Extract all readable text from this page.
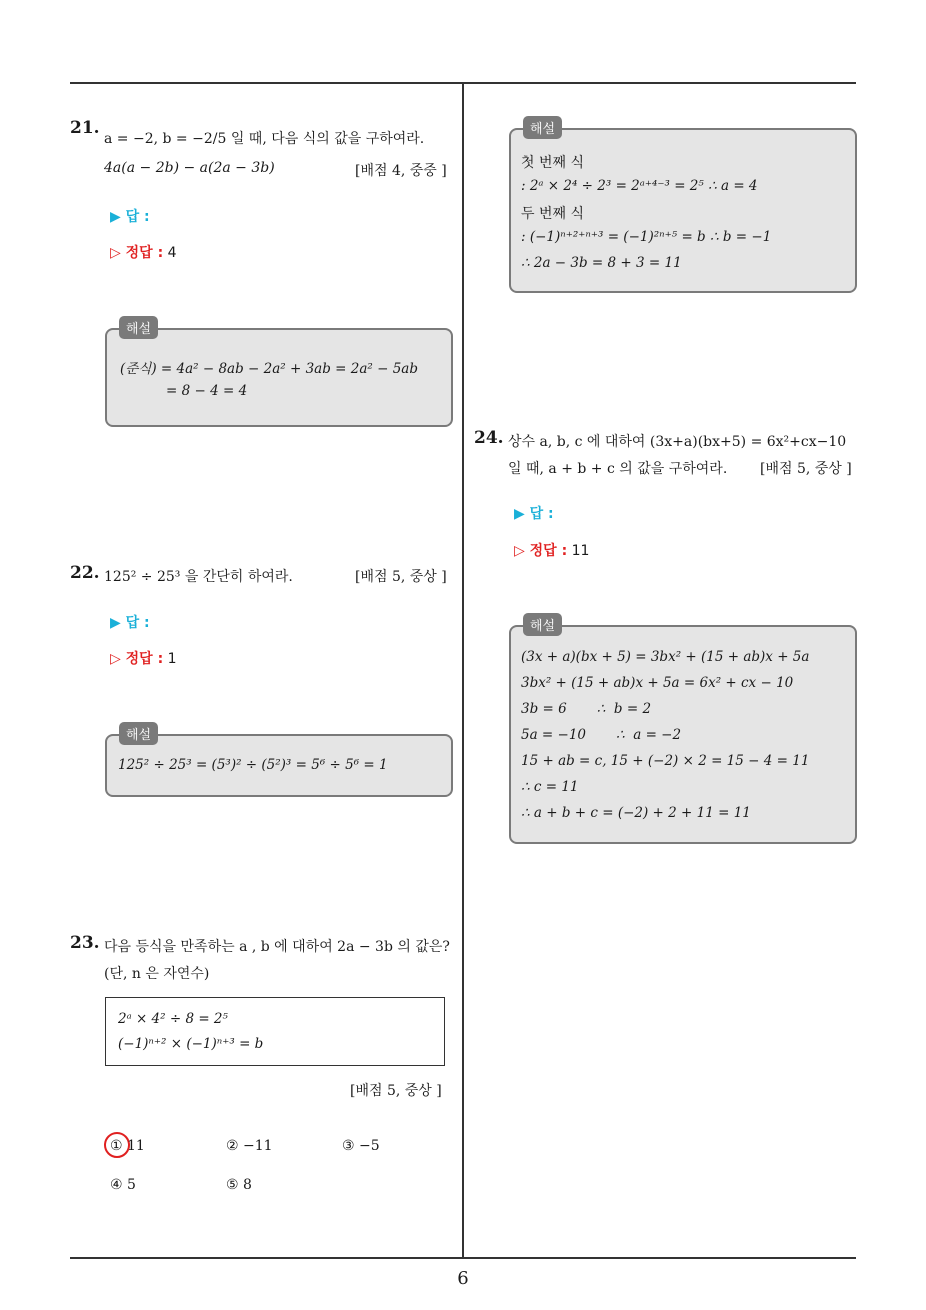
21.
a = −2, b = −2/5 일 때, 다음 식의 값을 구하여라.
4a(a − 2b) − a(2a − 3b)	[배점 4, 중중 ]
▶ 답 :
▷ 정답 : 4
해설
(준식) = 4a² − 8ab − 2a² + 3ab = 2a² − 5ab
= 8 − 4 = 4
22. 125² ÷ 25³ 을 간단히 하여라.	[배점 5, 중상 ]
▶ 답 :
▷ 정답 : 1
해설
125² ÷ 25³ = (5³)² ÷ (5²)³ = 5⁶ ÷ 5⁶ = 1
23. 다음 등식을 만족하는 a , b 에 대하여 2a − 3b 의 값은?
(단, n 은 자연수)
2ᵃ × 4² ÷ 8 = 2⁵
(−1)ⁿ⁺² × (−1)ⁿ⁺³ = b
[배점 5, 중상 ]
① 11	② −11	③ −5
④ 5	⑤ 8
해설
첫 번째 식
: 2ᵃ × 2⁴ ÷ 2³ = 2ᵃ⁺⁴⁻³ = 2⁵ ∴ a = 4
두 번째 식
: (−1)ⁿ⁺²⁺ⁿ⁺³ = (−1)²ⁿ⁺⁵ = b ∴ b = −1
∴ 2a − 3b = 8 + 3 = 11
24. 상수 a, b, c 에 대하여 (3x+a)(bx+5) = 6x²+cx−10
일 때, a + b + c 의 값을 구하여라. [배점 5, 중상 ]
▶ 답 :
▷ 정답 : 11
해설
(3x + a)(bx + 5) = 3bx² + (15 + ab)x + 5a
3bx² + (15 + ab)x + 5a = 6x² + cx − 10
3b = 6       ∴  b = 2
5a = −10       ∴  a = −2
15 + ab = c, 15 + (−2) × 2 = 15 − 4 = 11
∴ c = 11
∴ a + b + c = (−2) + 2 + 11 = 11
6
